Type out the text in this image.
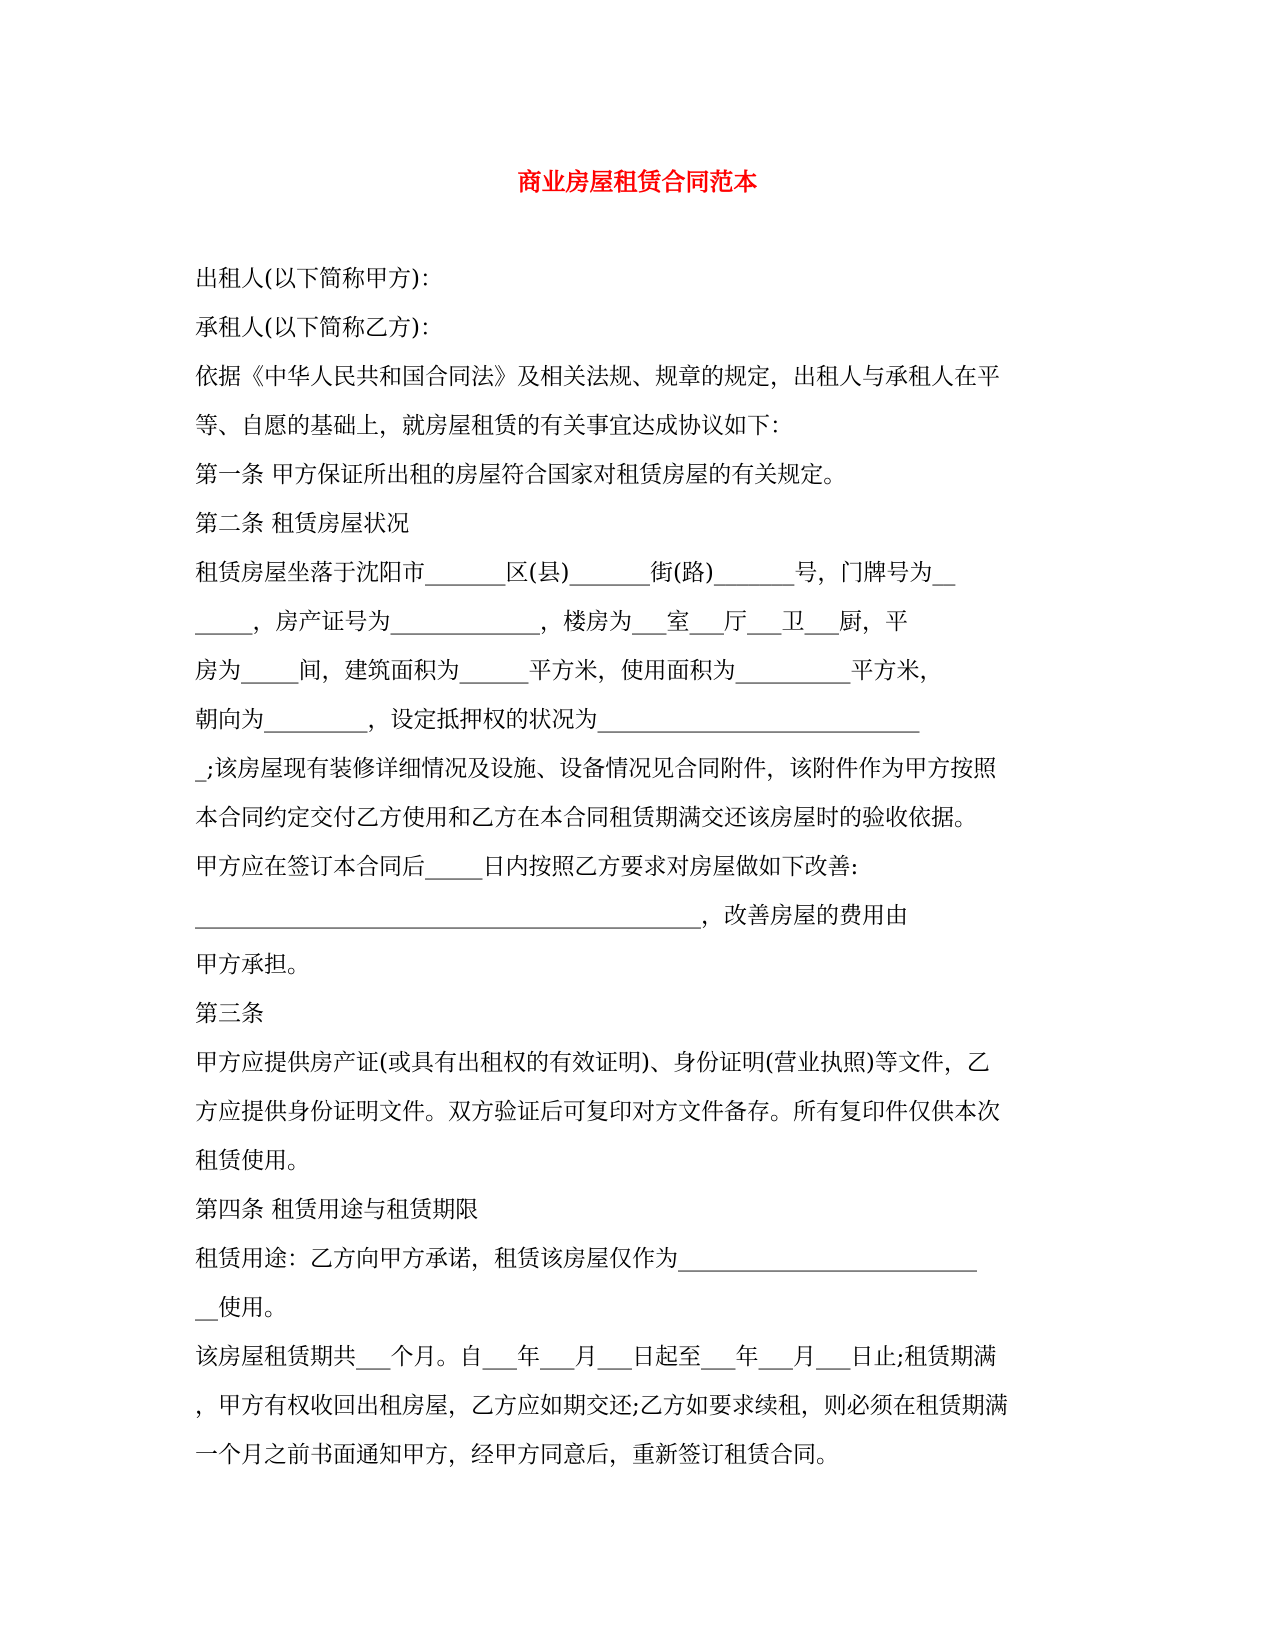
商业房屋租赁合同范本
出租人(以下简称甲方)：
承租人(以下简称乙方)：
依据《中华人民共和国合同法》及相关法规、规章的规定，出租人与承租人在平
等、自愿的基础上，就房屋租赁的有关事宜达成协议如下：
第一条 甲方保证所出租的房屋符合国家对租赁房屋的有关规定。
第二条 租赁房屋状况
租赁房屋坐落于沈阳市_______区(县)_______街(路)_______号，门牌号为__
_____，房产证号为_____________，楼房为___室___厅___卫___厨，平
房为_____间，建筑面积为______平方米，使用面积为__________平方米，
朝向为_________，设定抵押权的状况为____________________________
_;该房屋现有装修详细情况及设施、设备情况见合同附件，该附件作为甲方按照
本合同约定交付乙方使用和乙方在本合同租赁期满交还该房屋时的验收依据。
甲方应在签订本合同后_____日内按照乙方要求对房屋做如下改善:
____________________________________________，改善房屋的费用由
甲方承担。
第三条
甲方应提供房产证(或具有出租权的有效证明)、身份证明(营业执照)等文件，乙
方应提供身份证明文件。双方验证后可复印对方文件备存。所有复印件仅供本次
租赁使用。
第四条 租赁用途与租赁期限
租赁用途：乙方向甲方承诺，租赁该房屋仅作为__________________________
__使用。
该房屋租赁期共___个月。自___年___月___日起至___年___月___日止;租赁期满
，甲方有权收回出租房屋，乙方应如期交还;乙方如要求续租，则必须在租赁期满
一个月之前书面通知甲方，经甲方同意后，重新签订租赁合同。
